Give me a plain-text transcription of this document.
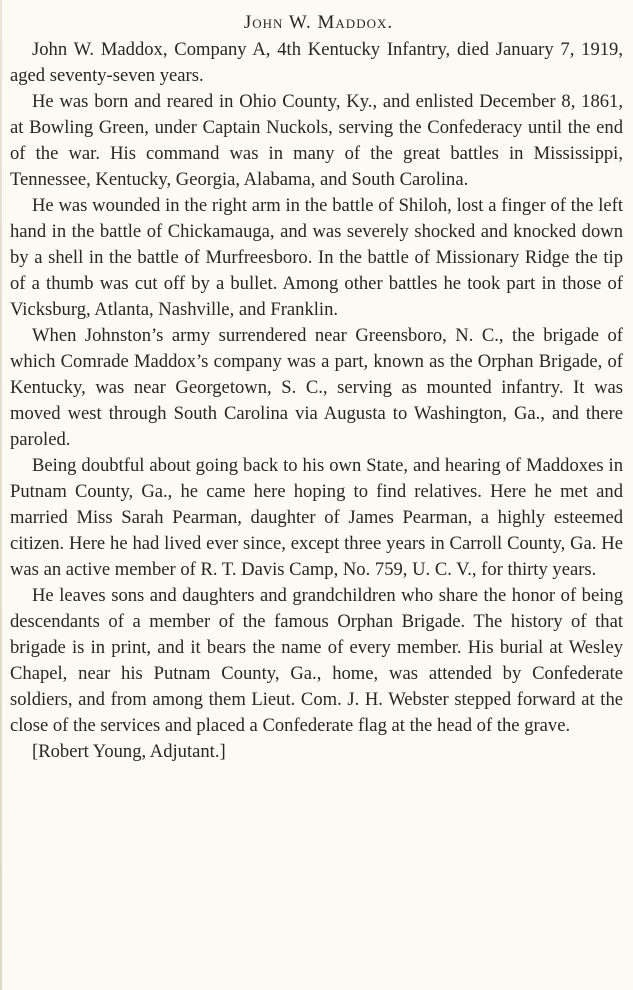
John W. Maddox.

John W. Maddox, Company A, 4th Kentucky Infantry, died January 7, 1919, aged seventy-seven years.

He was born and reared in Ohio County, Ky., and enlisted December 8, 1861, at Bowling Green, under Captain Nuckols, serving the Confederacy until the end of the war. His command was in many of the great battles in Mississippi, Tennessee, Kentucky, Georgia, Alabama, and South Carolina.

He was wounded in the right arm in the battle of Shiloh, lost a finger of the left hand in the battle of Chickamauga, and was severely shocked and knocked down by a shell in the battle of Murfreesboro. In the battle of Missionary Ridge the tip of a thumb was cut off by a bullet. Among other battles he took part in those of Vicksburg, Atlanta, Nashville, and Franklin.

When Johnston’s army surrendered near Greensboro, N. C., the brigade of which Comrade Maddox’s company was a part, known as the Orphan Brigade, of Kentucky, was near Georgetown, S. C., serving as mounted infantry. It was moved west through South Carolina via Augusta to Washington, Ga., and there paroled.

Being doubtful about going back to his own State, and hearing of Maddoxes in Putnam County, Ga., he came here hoping to find relatives. Here he met and married Miss Sarah Pearman, daughter of James Pearman, a highly esteemed citizen. Here he had lived ever since, except three years in Carroll County, Ga. He was an active member of R. T. Davis Camp, No. 759, U. C. V., for thirty years.

He leaves sons and daughters and grandchildren who share the honor of being descendants of a member of the famous Orphan Brigade. The history of that brigade is in print, and it bears the name of every member. His burial at Wesley Chapel, near his Putnam County, Ga., home, was attended by Confederate soldiers, and from among them Lieut. Com. J. H. Webster stepped forward at the close of the services and placed a Confederate flag at the head of the grave.

[Robert Young, Adjutant.]
